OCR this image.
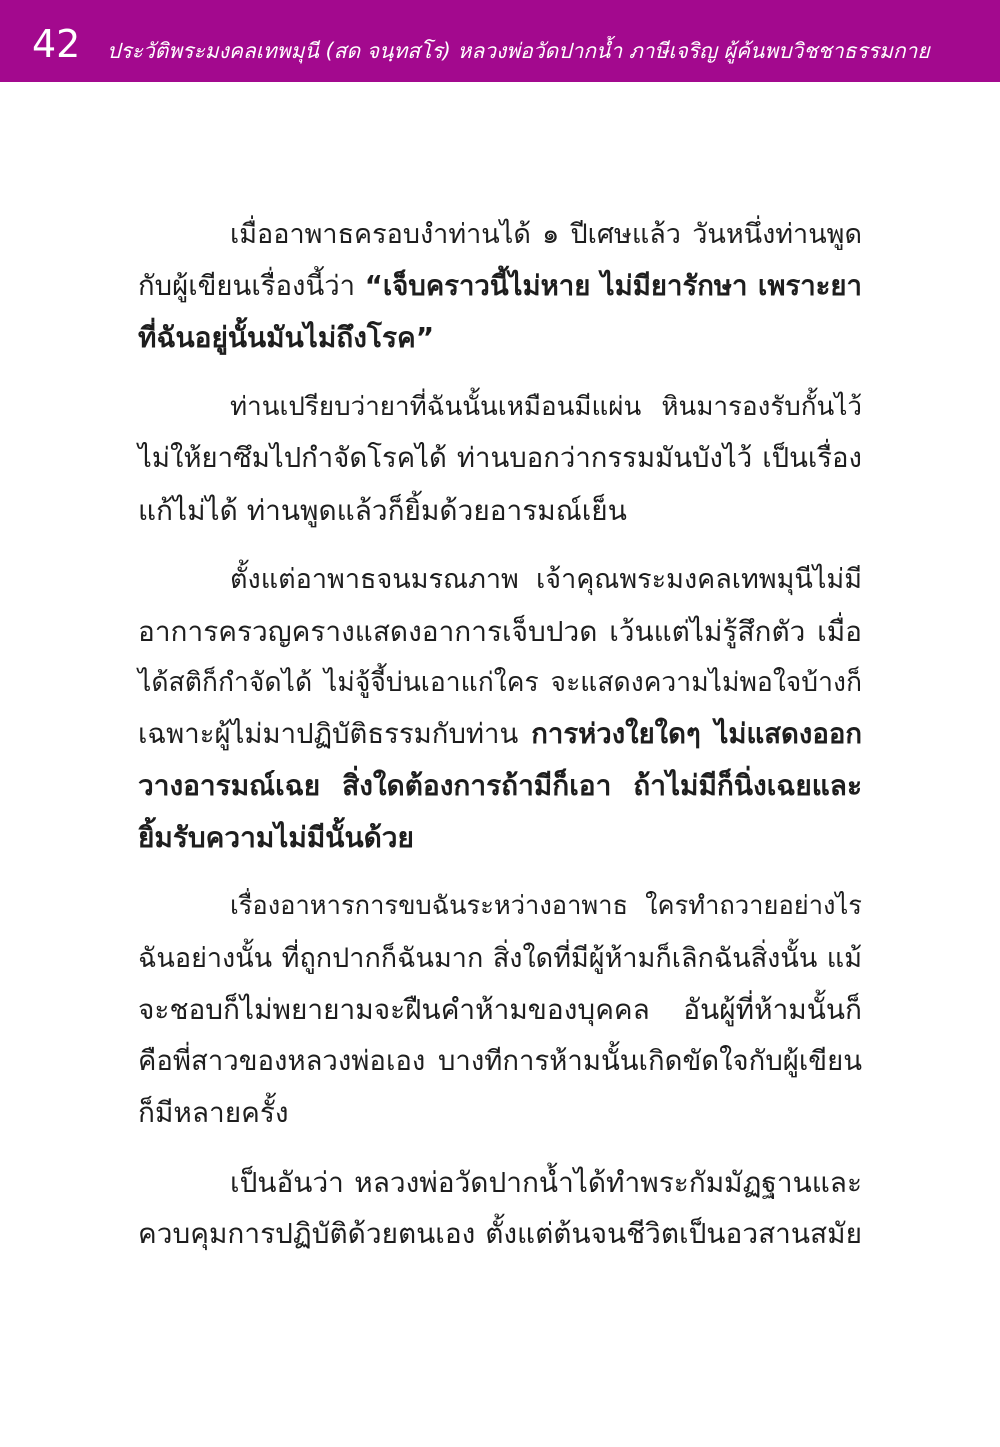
42 ประวัติพระมงคลเทพมุนี (สด จนฺทสโร) หลวงพ่อวัดปากน้ำ ภาษีเจริญ ผู้ค้นพบวิชชาธรรมกาย
เมื่ออาพาธครอบงำท่านได้ ๑ ปีเศษแล้ว วันหนึ่งท่านพูด
กับผู้เขียนเรื่องนี้ว่า “เจ็บคราวนี้ไม่หาย ไม่มียารักษา เพราะยา
ที่ฉันอยู่นั้นมันไม่ถึงโรค”
ท่านเปรียบว่ายาที่ฉันนั้นเหมือนมีแผ่น หินมารองรับกั้นไว้
ไม่ให้ยาซึมไปกำจัดโรคได้ ท่านบอกว่ากรรมมันบังไว้ เป็นเรื่อง
แก้ไม่ได้ ท่านพูดแล้วก็ยิ้มด้วยอารมณ์เย็น
ตั้งแต่อาพาธจนมรณภาพ เจ้าคุณพระมงคลเทพมุนีไม่มี
อาการครวญครางแสดงอาการเจ็บปวด เว้นแต่ไม่รู้สึกตัว เมื่อ
ได้สติก็กำจัดได้ ไม่จู้จี้บ่นเอาแก่ใคร จะแสดงความไม่พอใจบ้างก็
เฉพาะผู้ไม่มาปฏิบัติธรรมกับท่าน การห่วงใยใดๆ ไม่แสดงออก
วางอารมณ์เฉย สิ่งใดต้องการถ้ามีก็เอา ถ้าไม่มีก็นิ่งเฉยและ
ยิ้มรับความไม่มีนั้นด้วย
เรื่องอาหารการขบฉันระหว่างอาพาธ ใครทำถวายอย่างไร
ฉันอย่างนั้น ที่ถูกปากก็ฉันมาก สิ่งใดที่มีผู้ห้ามก็เลิกฉันสิ่งนั้น แม้
จะชอบก็ไม่พยายามจะฝืนคำห้ามของบุคคล อันผู้ที่ห้ามนั้นก็
คือพี่สาวของหลวงพ่อเอง บางทีการห้ามนั้นเกิดขัดใจกับผู้เขียน
ก็มีหลายครั้ง
เป็นอันว่า หลวงพ่อวัดปากน้ำได้ทำพระกัมมัฏฐานและ
ควบคุมการปฏิบัติด้วยตนเอง ตั้งแต่ต้นจนชีวิตเป็นอวสานสมัย
